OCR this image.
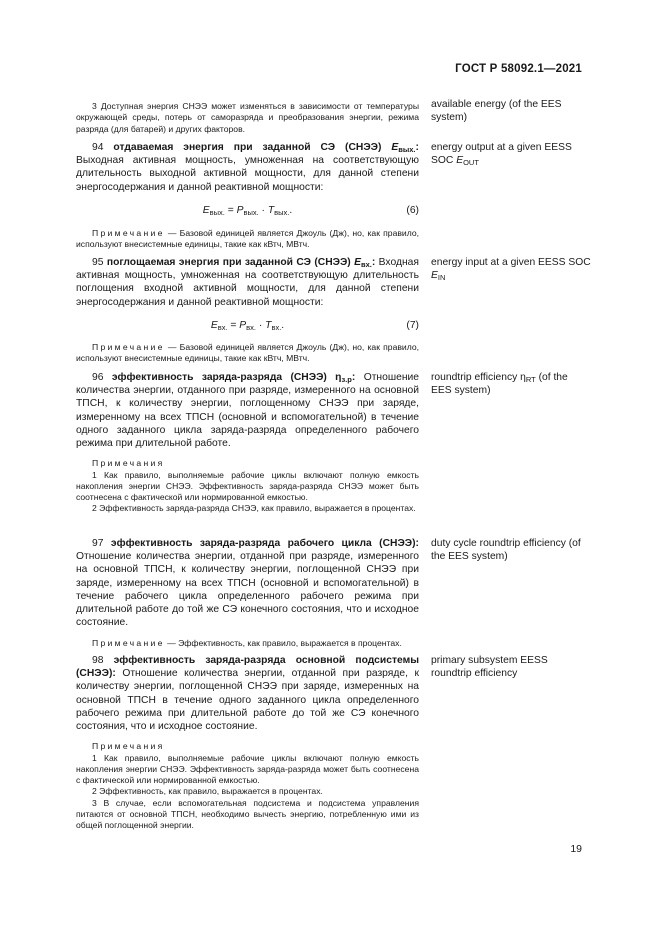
ГОСТ Р 58092.1—2021
3 Доступная энергия СНЭЭ может изменяться в зависимости от температуры окружающей среды, потерь от саморазряда и преобразования энергии, режима разряда (для батарей) и других факторов.
available energy (of the EES system)
94 отдаваемая энергия при заданной СЭ (СНЭЭ) $E_{вых.}$: Выходная активная мощность, умноженная на соответствующую длительность выходной активной мощности, для данной степени энергосодержания и данной реактивной мощности:
$E_{вых.} = P_{вых.} \cdot T_{вых.}$.	(6)
Примечание — Базовой единицей является Джоуль (Дж), но, как правило, используют внесистемные единицы, такие как кВтч, МВтч.
energy output at a given EESS SOC $E_{OUT}$
95 поглощаемая энергия при заданной СЭ (СНЭЭ) $E_{вх.}$: Входная активная мощность, умноженная на соответствующую длительность поглощения входной активной мощности, для данной степени энергосодержания и данной реактивной мощности:
$E_{вх.} = P_{вх.} \cdot T_{вх.}$.	(7)
Примечание — Базовой единицей является Джоуль (Дж), но, как правило, используют внесистемные единицы, такие как кВтч, МВтч.
energy input at a given EESS SOC $E_{IN}$
96 эффективность заряда-разряда (СНЭЭ) $\eta_{з.р}$: Отношение количества энергии, отданного при разряде, измеренного на основной ТПСН, к количеству энергии, поглощенному СНЭЭ при заряде, измеренному на всех ТПСН (основной и вспомогательной) в течение одного заданного цикла заряда-разряда определенного рабочего режима при длительной работе.
Примечания
1 Как правило, выполняемые рабочие циклы включают полную емкость накопления энергии СНЭЭ. Эффективность заряда-разряда СНЭЭ может быть соотнесена с фактической или нормированной емкостью.
2 Эффективность заряда-разряда СНЭЭ, как правило, выражается в процентах.
roundtrip efficiency $\eta_{RT}$ (of the EES system)
97 эффективность заряда-разряда рабочего цикла (СНЭЭ): Отношение количества энергии, отданной при разряде, измеренного на основной ТПСН, к количеству энергии, поглощенной СНЭЭ при заряде, измеренному на всех ТПСН (основной и вспомогательной) в течение рабочего цикла определенного рабочего режима при длительной работе до той же СЭ конечного состояния, что и исходное состояние.
Примечание — Эффективность, как правило, выражается в процентах.
duty cycle roundtrip efficiency (of the EES system)
98 эффективность заряда-разряда основной подсистемы (СНЭЭ): Отношение количества энергии, отданной при разряде, к количеству энергии, поглощенной СНЭЭ при заряде, измеренных на основной ТПСН в течение одного заданного цикла определенного рабочего режима при длительной работе до той же СЭ конечного состояния, что и исходное состояние.
Примечания
1 Как правило, выполняемые рабочие циклы включают полную емкость накопления энергии СНЭЭ. Эффективность заряда-разряда может быть соотнесена с фактической или нормированной емкостью.
2 Эффективность, как правило, выражается в процентах.
3 В случае, если вспомогательная подсистема и подсистема управления питаются от основной ТПСН, необходимо вычесть энергию, потребленную ими из общей поглощенной энергии.
primary subsystem EESS roundtrip efficiency
19
